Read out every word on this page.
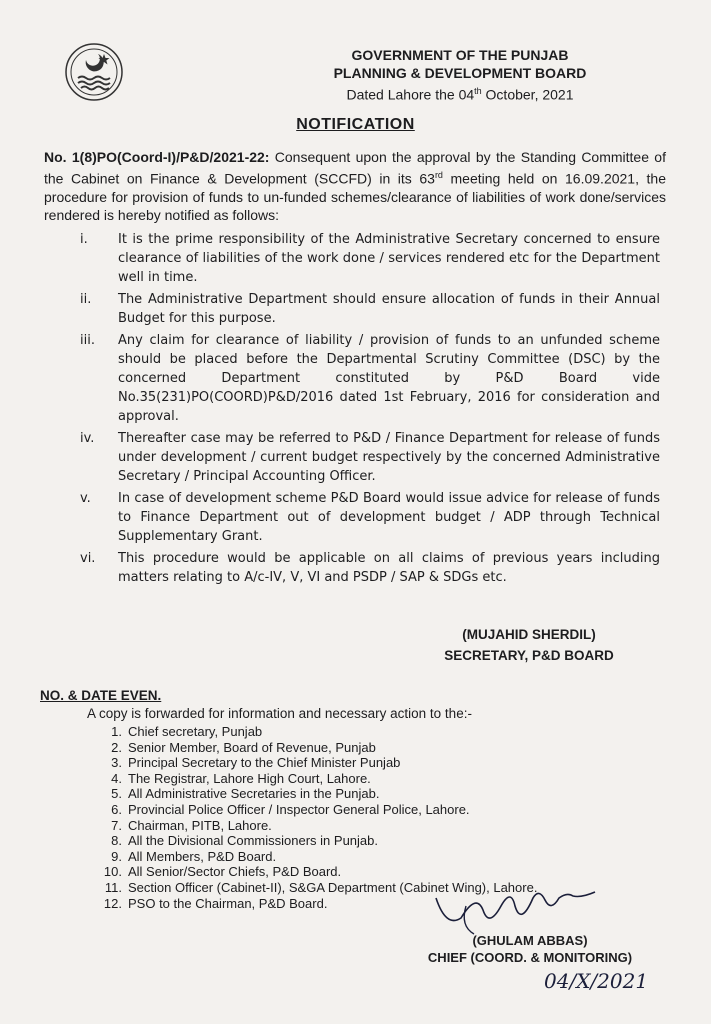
GOVERNMENT OF THE PUNJAB
PLANNING & DEVELOPMENT BOARD
Dated Lahore the 04th October, 2021
NOTIFICATION
No. 1(8)PO(Coord-I)/P&D/2021-22: Consequent upon the approval by the Standing Committee of the Cabinet on Finance & Development (SCCFD) in its 63rd meeting held on 16.09.2021, the procedure for provision of funds to un-funded schemes/clearance of liabilities of work done/services rendered is hereby notified as follows:
i. It is the prime responsibility of the Administrative Secretary concerned to ensure clearance of liabilities of the work done / services rendered etc for the Department well in time.

ii. The Administrative Department should ensure allocation of funds in their Annual Budget for this purpose.

iii. Any claim for clearance of liability / provision of funds to an unfunded scheme should be placed before the Departmental Scrutiny Committee (DSC) by the concerned Department constituted by P&D Board vide No.35(231)PO(COORD)P&D/2016 dated 1st February, 2016 for consideration and approval.

iv. Thereafter case may be referred to P&D / Finance Department for release of funds under development / current budget respectively by the concerned Administrative Secretary / Principal Accounting Officer.

v. In case of development scheme P&D Board would issue advice for release of funds to Finance Department out of development budget / ADP through Technical Supplementary Grant.

vi. This procedure would be applicable on all claims of previous years including matters relating to A/c-IV, V, VI and PSDP / SAP & SDGs etc.

(MUJAHID SHERDIL)
SECRETARY, P&D BOARD
NO. & DATE EVEN.
A copy is forwarded for information and necessary action to the:-
1. Chief secretary, Punjab
2. Senior Member, Board of Revenue, Punjab
3. Principal Secretary to the Chief Minister Punjab
4. The Registrar, Lahore High Court, Lahore.
5. All Administrative Secretaries in the Punjab.
6. Provincial Police Officer / Inspector General Police, Lahore.
7. Chairman, PITB, Lahore.
8. All the Divisional Commissioners in Punjab.
9. All Members, P&D Board.
10. All Senior/Sector Chiefs, P&D Board.
11. Section Officer (Cabinet-II), S&GA Department (Cabinet Wing), Lahore.
12. PSO to the Chairman, P&D Board.
(GHULAM ABBAS)
CHIEF (COORD. & MONITORING)
04/X/2021
